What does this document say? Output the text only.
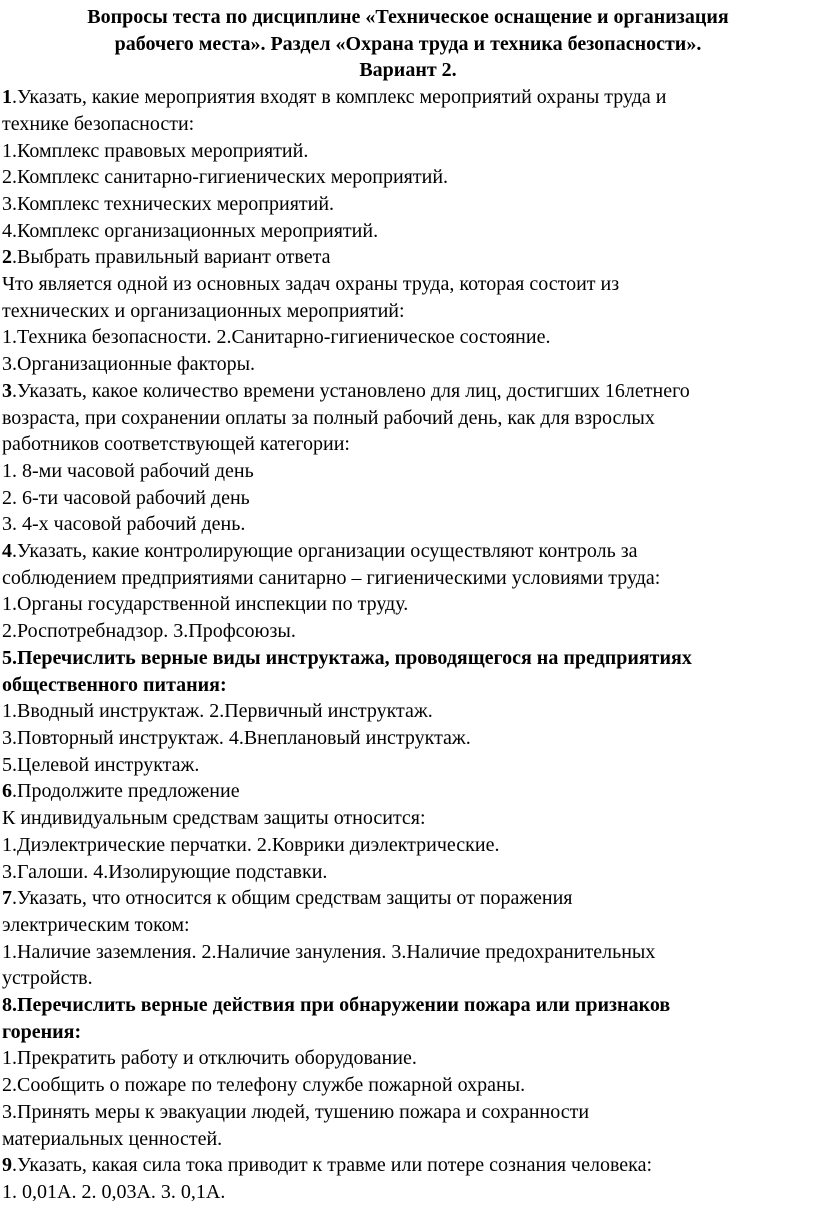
Вопросы теста по дисциплине «Техническое оснащение и организация
рабочего места». Раздел «Охрана труда и техника безопасности».
Вариант 2.
1.Указать, какие мероприятия входят в комплекс мероприятий охраны труда и
технике безопасности:
1.Комплекс правовых мероприятий.
2.Комплекс санитарно-гигиенических мероприятий.
3.Комплекс технических мероприятий.
4.Комплекс организационных мероприятий.
2.Выбрать правильный вариант ответа
Что является одной из основных задач охраны труда, которая состоит из
технических и организационных мероприятий:
1.Техника безопасности. 2.Санитарно-гигиеническое состояние.
3.Организационные факторы.
3.Указать, какое количество времени установлено для лиц, достигших 16летнего
возраста, при сохранении оплаты за полный рабочий день, как для взрослых
работников соответствующей категории:
1. 8-ми часовой рабочий день
2. 6-ти часовой рабочий день
3. 4-х часовой рабочий день.
4.Указать, какие контролирующие организации осуществляют контроль за
соблюдением предприятиями санитарно – гигиеническими условиями труда:
1.Органы государственной инспекции по труду.
2.Роспотребнадзор. 3.Профсоюзы.
5.Перечислить верные виды инструктажа, проводящегося на предприятиях
общественного питания:
1.Вводный инструктаж. 2.Первичный инструктаж.
3.Повторный инструктаж. 4.Внеплановый инструктаж.
5.Целевой инструктаж.
6.Продолжите предложение
К индивидуальным средствам защиты относится:
1.Диэлектрические перчатки. 2.Коврики диэлектрические.
3.Галоши. 4.Изолирующие подставки.
7.Указать, что относится к общим средствам защиты от поражения
электрическим током:
1.Наличие заземления. 2.Наличие зануления. 3.Наличие предохранительных
устройств.
8.Перечислить верные действия при обнаружении пожара или признаков
горения:
1.Прекратить работу и отключить оборудование.
2.Сообщить о пожаре по телефону службе пожарной охраны.
3.Принять меры к эвакуации людей, тушению пожара и сохранности
материальных ценностей.
9.Указать, какая сила тока приводит к травме или потере сознания человека:
1. 0,01А. 2. 0,03А. 3. 0,1А.
